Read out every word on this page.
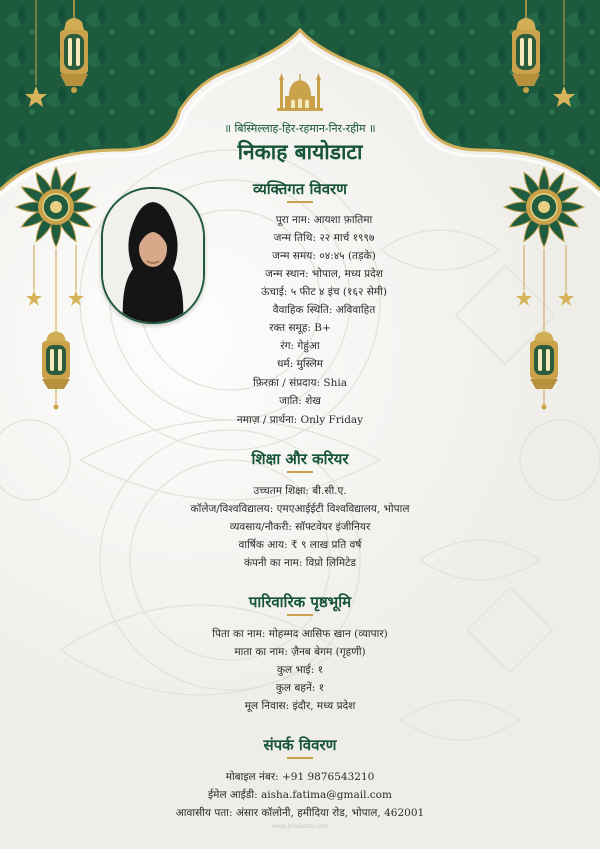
॥ बिस्मिल्लाह-हिर-रहमान-निर-रहीम ॥
निकाह बायोडाटा
व्यक्तिगत विवरण
पूरा नाम: आयशा फ़ातिमा
जन्म तिथि: २२ मार्च १९९७
जन्म समय: ०४:४५ (तड़के)
जन्म स्थान: भोपाल, मध्य प्रदेश
ऊंचाई: ५ फीट ४ इंच (१६२ सेमी)
वैवाहिक स्थिति: अविवाहित
रक्त समूह: B+
रंग: गेहुंआ
धर्म: मुस्लिम
फ़िरक़ा / संप्रदाय: Shia
जाति: शेख
नमाज़ / प्रार्थना: Only Friday
शिक्षा और करियर
उच्चतम शिक्षा: बी.सी.ए.
कॉलेज/विश्वविद्यालय: एमएआईईटी विश्वविद्यालय, भोपाल
व्यवसाय/नौकरी: सॉफ्टवेयर इंजीनियर
वार्षिक आय: ₹ ९ लाख प्रति वर्ष
कंपनी का नाम: विप्रो लिमिटेड
पारिवारिक पृष्ठभूमि
पिता का नाम: मोहम्मद आसिफ खान (व्यापार)
माता का नाम: ज़ैनब बेगम (गृहणी)
कुल भाई: १
कुल बहनें: १
मूल निवास: इंदौर, मध्य प्रदेश
संपर्क विवरण
मोबाइल नंबर: +91 9876543210
ईमेल आईडी: aisha.fatima@gmail.com
आवासीय पता: अंसार कॉलोनी, हमीदिया रोड, भोपाल, 462001
www.biodatas.com
